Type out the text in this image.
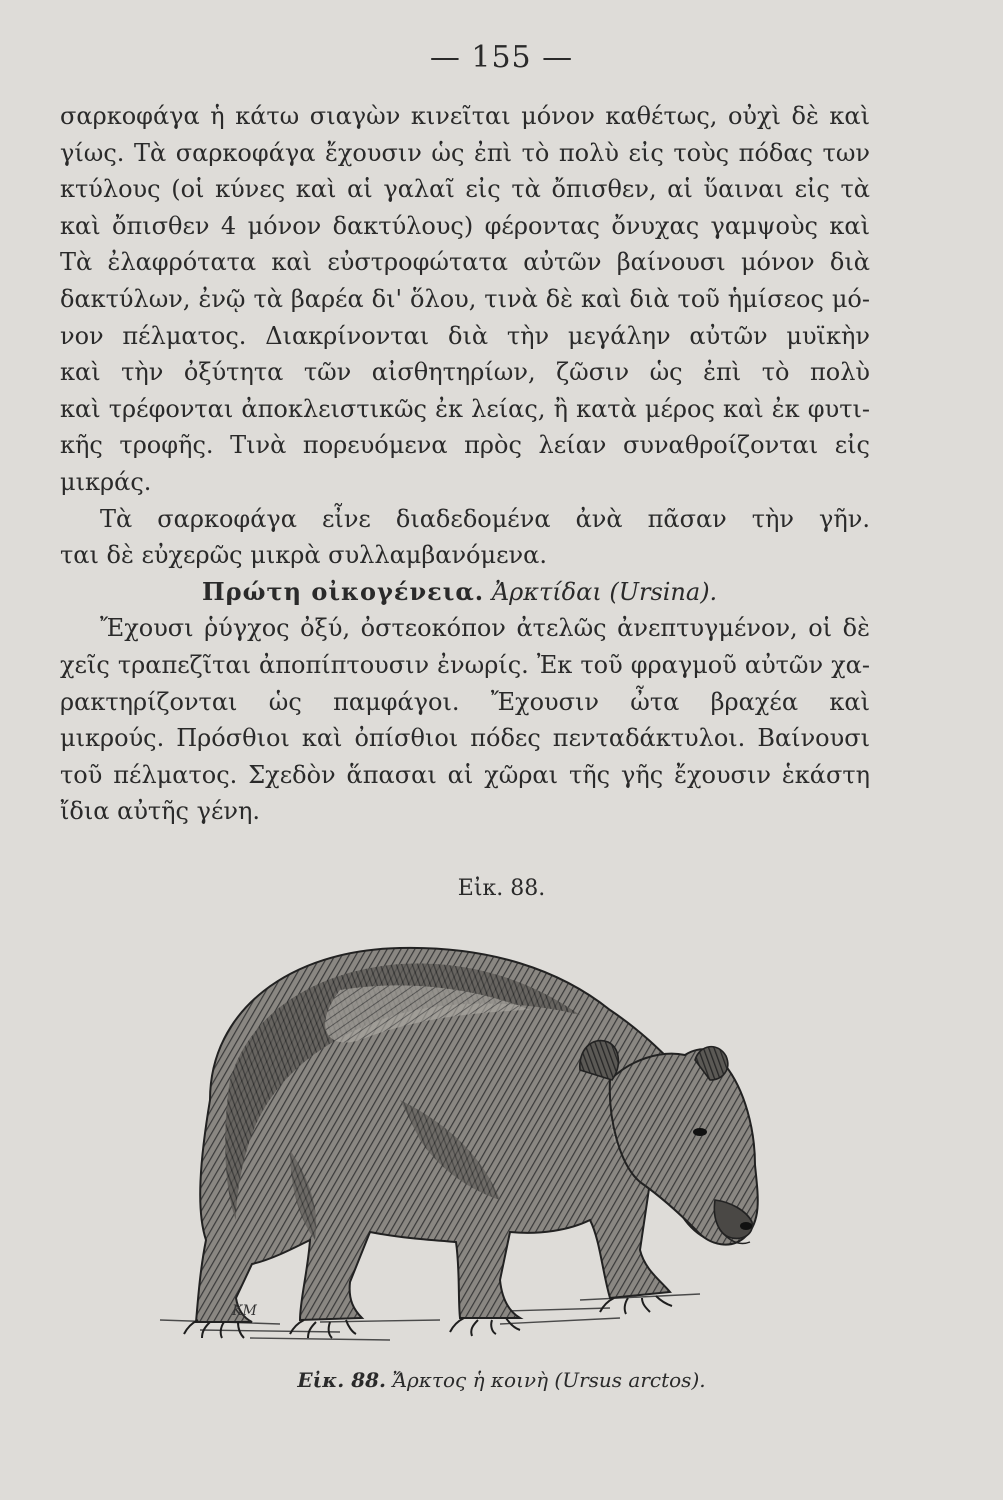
— 155 —
σαρκοφάγα ἡ κάτω σιαγὼν κινεῖται μόνον καθέτως, οὐχὶ δὲ καὶ
γίως. Τὰ σαρκοφάγα ἔχουσιν ὡς ἐπὶ τὸ πολὺ εἰς τοὺς πόδας των
κτύλους (οἱ κύνες καὶ αἱ γαλαῖ εἰς τὰ ὄπισθεν, αἱ ὕαιναι εἰς τὰ
καὶ ὄπισθεν 4 μόνον δακτύλους) φέροντας ὄνυχας γαμψοὺς καὶ
Τὰ ἐλαφρότατα καὶ εὐστροφώτατα αὐτῶν βαίνουσι μόνον διὰ
δακτύλων, ἐνῷ τὰ βαρέα δι' ὅλου, τινὰ δὲ καὶ διὰ τοῦ ἡμίσεος μό-
νον πέλματος. Διακρίνονται διὰ τὴν μεγάλην αὐτῶν μυϊκὴν
καὶ τὴν ὀξύτητα τῶν αἰσθητηρίων, ζῶσιν ὡς ἐπὶ τὸ πολὺ
καὶ τρέφονται ἀποκλειστικῶς ἐκ λείας, ἢ κατὰ μέρος καὶ ἐκ φυτι-
κῆς τροφῆς. Τινὰ πορευόμενα πρὸς λείαν συναθροίζονται εἰς
μικράς.
Τὰ σαρκοφάγα εἶνε διαδεδομένα ἀνὰ πᾶσαν τὴν γῆν.
ται δὲ εὐχερῶς μικρὰ συλλαμβανόμενα.
Πρώτη οἰκογένεια. Ἀρκτίδαι (Ursina).
Ἔχουσι ῥύγχος ὀξύ, ὀστεοκόπον ἀτελῶς ἀνεπτυγμένον, οἱ δὲ
χεῖς τραπεζῖται ἀποπίπτουσιν ἐνωρίς. Ἐκ τοῦ φραγμοῦ αὐτῶν χα-
ρακτηρίζονται ὡς παμφάγοι. Ἔχουσιν ὦτα βραχέα καὶ
μικρούς. Πρόσθιοι καὶ ὀπίσθιοι πόδες πενταδάκτυλοι. Βαίνουσι
τοῦ πέλματος. Σχεδὸν ἅπασαι αἱ χῶραι τῆς γῆς ἔχουσιν ἑκάστη
ἴδια αὐτῆς γένη.
Εἰκ. 88.
KM
Εἰκ. 88. Ἄρκτος ἡ κοινὴ (Ursus arctos).
